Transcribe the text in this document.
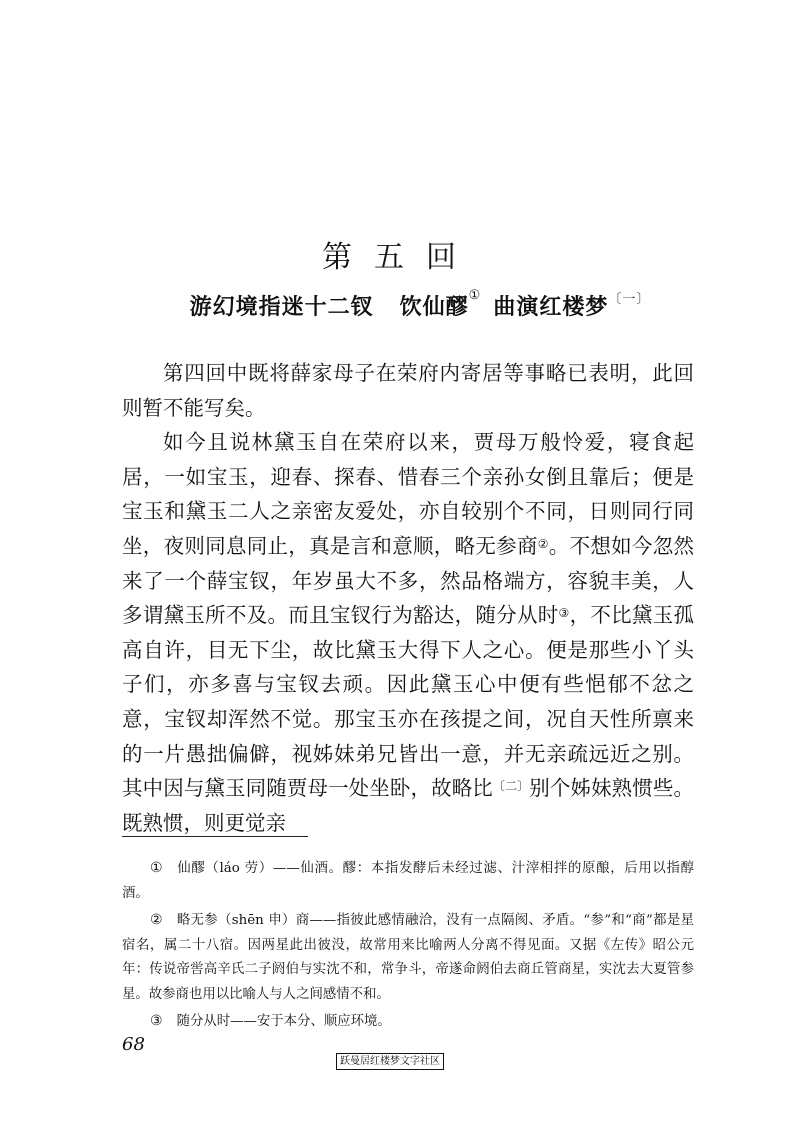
第五回
游幻境指迷十二钗 饮仙醪① 曲演红楼梦$^{〔一〕}$

第四回中既将薛家母子在荣府内寄居等事略已表明，此回则暂不能写矣。

如今且说林黛玉自在荣府以来，贾母万般怜爱，寝食起居，一如宝玉，迎春、探春、惜春三个亲孙女倒且靠后；便是宝玉和黛玉二人之亲密友爱处，亦自较别个不同，日则同行同坐，夜则同息同止，真是言和意顺，略无参商②。不想如今忽然来了一个薛宝钗，年岁虽大不多，然品格端方，容貌丰美，人多谓黛玉所不及。而且宝钗行为豁达，随分从时③，不比黛玉孤高自许，目无下尘，故比黛玉大得下人之心。便是那些小丫头子们，亦多喜与宝钗去顽。因此黛玉心中便有些悒郁不忿之意，宝钗却浑然不觉。那宝玉亦在孩提之间，况自天性所禀来的一片愚拙偏僻，视姊妹弟兄皆出一意，并无亲疏远近之别。其中因与黛玉同随贾母一处坐卧，故略比$^{〔二〕}$别个姊妹熟惯些。既熟惯，则更觉亲

① 仙醪（láo 劳）——仙酒。醪：本指发酵后未经过滤、汁滓相拌的原酿，后用以指醇酒。

② 略无参（shēn 申）商——指彼此感情融洽，没有一点隔阂、矛盾。“参”和“商”都是星宿名，属二十八宿。因两星此出彼没，故常用来比喻两人分离不得见面。又据《左传》昭公元年：传说帝喾高辛氏二子阏伯与实沈不和，常争斗，帝遂命阏伯去商丘管商星，实沈去大夏管参星。故参商也用以比喻人与人之间感情不和。

③ 随分从时——安于本分、顺应环境。

68
跃曼居红楼梦文字社区
